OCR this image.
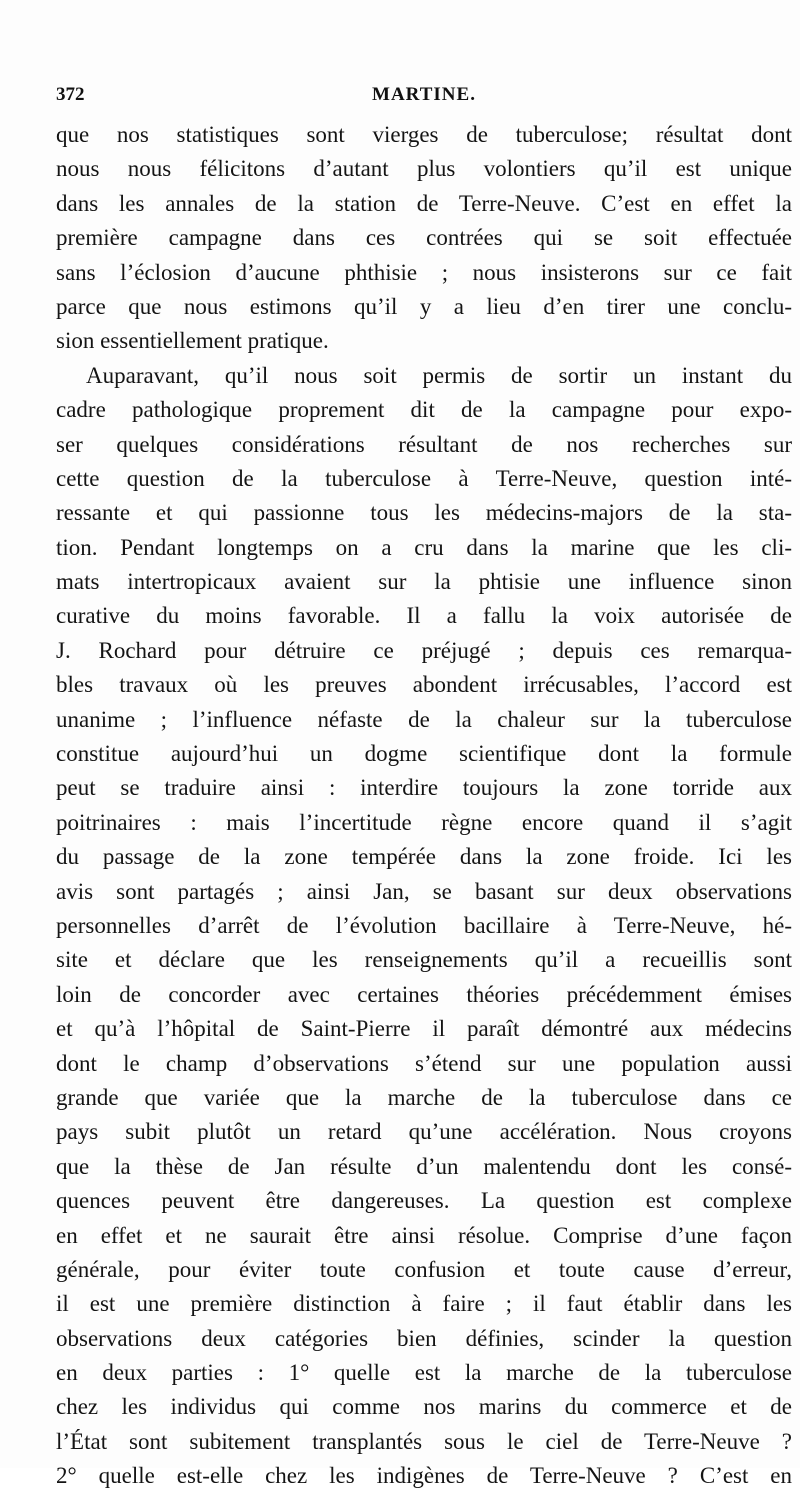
372	MARTINE.
que nos statistiques sont vierges de tuberculose; résultat dont
nous nous félicitons d’autant plus volontiers qu’il est unique
dans les annales de la station de Terre-Neuve. C’est en effet la
première campagne dans ces contrées qui se soit effectuée
sans l’éclosion d’aucune phthisie ; nous insisterons sur ce fait
parce que nous estimons qu’il y a lieu d’en tirer une conclu-
sion essentiellement pratique.
Auparavant, qu’il nous soit permis de sortir un instant du
cadre pathologique proprement dit de la campagne pour expo-
ser quelques considérations résultant de nos recherches sur
cette question de la tuberculose à Terre-Neuve, question inté-
ressante et qui passionne tous les médecins-majors de la sta-
tion. Pendant longtemps on a cru dans la marine que les cli-
mats intertropicaux avaient sur la phtisie une influence sinon
curative du moins favorable. Il a fallu la voix autorisée de
J. Rochard pour détruire ce préjugé ; depuis ces remarqua-
bles travaux où les preuves abondent irrécusables, l’accord est
unanime ; l’influence néfaste de la chaleur sur la tuberculose
constitue aujourd’hui un dogme scientifique dont la formule
peut se traduire ainsi : interdire toujours la zone torride aux
poitrinaires : mais l’incertitude règne encore quand il s’agit
du passage de la zone tempérée dans la zone froide. Ici les
avis sont partagés ; ainsi Jan, se basant sur deux observations
personnelles d’arrêt de l’évolution bacillaire à Terre-Neuve, hé-
site et déclare que les renseignements qu’il a recueillis sont
loin de concorder avec certaines théories précédemment émises
et qu’à l’hôpital de Saint-Pierre il paraît démontré aux médecins
dont le champ d’observations s’étend sur une population aussi
grande que variée que la marche de la tuberculose dans ce
pays subit plutôt un retard qu’une accélération. Nous croyons
que la thèse de Jan résulte d’un malentendu dont les consé-
quences peuvent être dangereuses. La question est complexe
en effet et ne saurait être ainsi résolue. Comprise d’une façon
générale, pour éviter toute confusion et toute cause d’erreur,
il est une première distinction à faire ; il faut établir dans les
observations deux catégories bien définies, scinder la question
en deux parties : 1° quelle est la marche de la tuberculose
chez les individus qui comme nos marins du commerce et de
l’État sont subitement transplantés sous le ciel de Terre-Neuve ?
2° quelle est-elle chez les indigènes de Terre-Neuve ? C’est en
